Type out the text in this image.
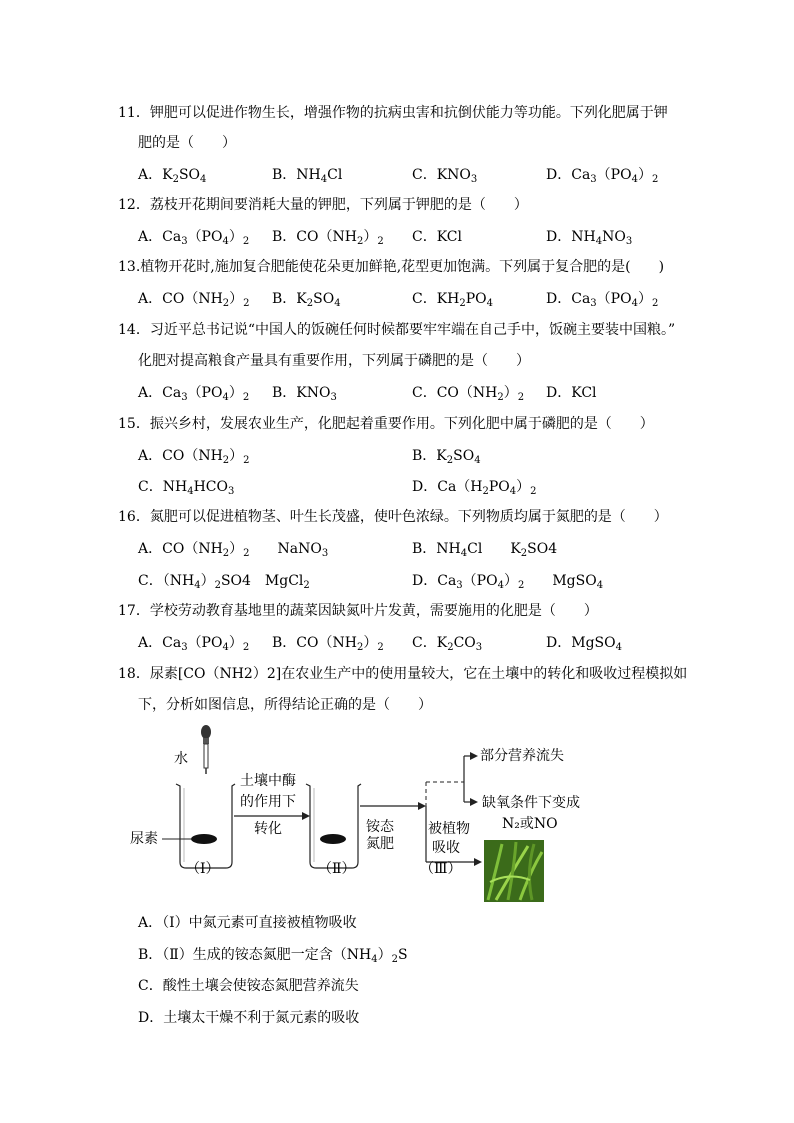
11．钾肥可以促进作物生长，增强作物的抗病虫害和抗倒伏能力等功能。下列化肥属于钾
肥的是（　　）
A．$K_2SO_4$	B．$NH_4Cl$	C．$KNO_3$	D．$Ca_3(PO_4)_2$
12．荔枝开花期间要消耗大量的钾肥，下列属于钾肥的是（　　）
A．$Ca_3(PO_4)_2$ B．$CO(NH_2)_2$ C．KCl	D．$NH_4NO_3$
13.植物开花时,施加复合肥能使花朵更加鲜艳,花型更加饱满。下列属于复合肥的是(　　)
A．$CO(NH_2)_2$ B．$K_2SO_4$	C．$KH_2PO_4$	D．$Ca_3(PO_4)_2$
14．习近平总书记说“中国人的饭碗任何时候都要牢牢端在自己手中，饭碗主要装中国粮。”
化肥对提高粮食产量具有重要作用，下列属于磷肥的是（　　）
A．$Ca_3(PO_4)_2$ B．$KNO_3$	C．$CO(NH_2)_2$ D．KCl
15．振兴乡村，发展农业生产，化肥起着重要作用。下列化肥中属于磷肥的是（　　）
A．$CO(NH_2)_2$	B．$K_2SO_4$
C．$NH_4HCO_3$	D．$Ca(H_2PO_4)_2$
16．氮肥可以促进植物茎、叶生长茂盛，使叶色浓绿。下列物质均属于氮肥的是（　　）
A．$CO(NH_2)_2$　　NaNO$_3$	B．$NH_4Cl$　　$K_2SO4$
C．$(NH_4)_2SO4$　MgCl$_2$	D．$Ca_3(PO_4)_2$　　MgSO$_4$
17．学校劳动教育基地里的蔬菜因缺氮叶片发黄，需要施用的化肥是（　　）
A．$Ca_3(PO_4)_2$ B．$CO(NH_2)_2$ C．$K_2CO_3$	D．MgSO$_4$
18．尿素[CO（NH2）2]在农业生产中的使用量较大，它在土壤中的转化和吸收过程模拟如
下，分析如图信息，所得结论正确的是（　　）
水
尿素
土壤中酶
的作用下
转化	铵态
氮肥
被植物
吸收
部分营养流失
缺氧条件下变成
N₂或NO
（Ⅰ）	（Ⅱ）	（Ⅲ）
A．（Ⅰ）中氮元素可直接被植物吸收
B．（Ⅱ）生成的铵态氮肥一定含$(NH_4)_2S$
C．酸性土壤会使铵态氮肥营养流失
D．土壤太干燥不利于氮元素的吸收
